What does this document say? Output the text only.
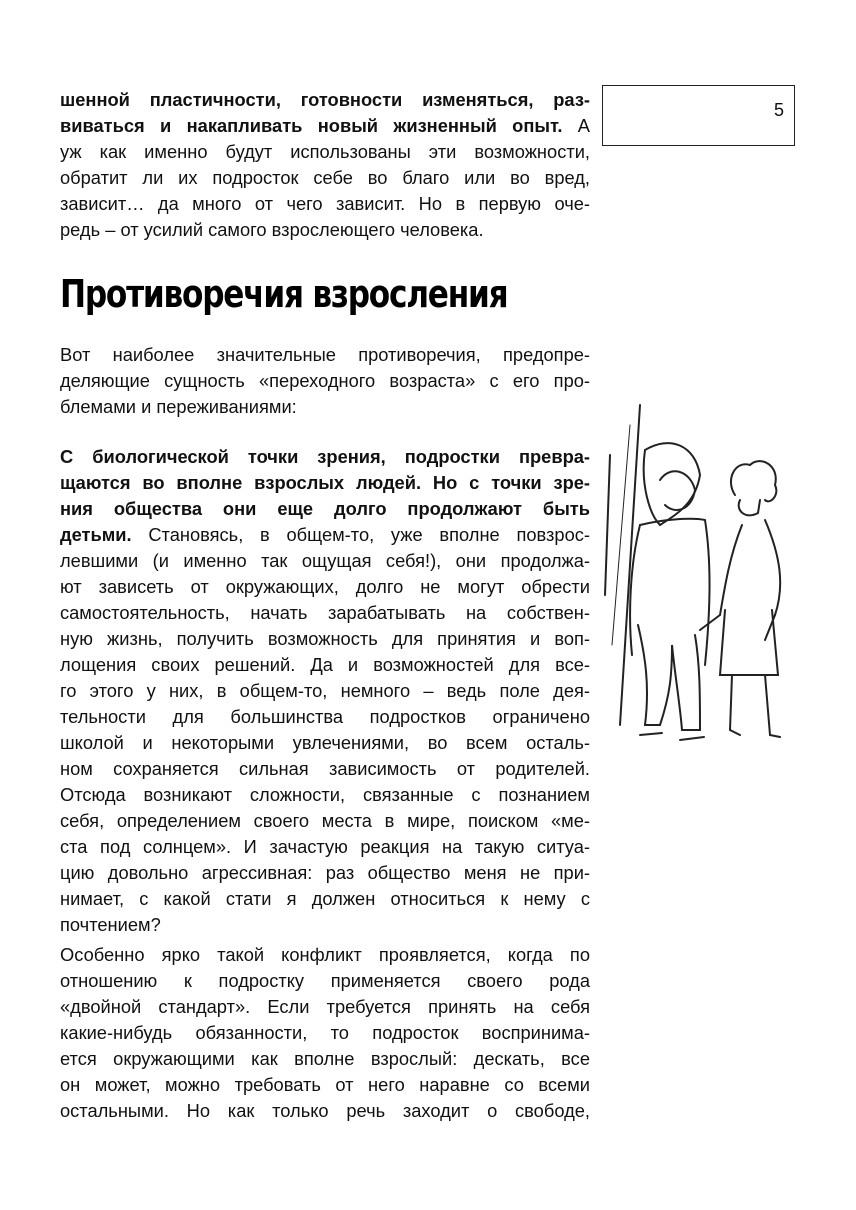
5
шенной пластичности, готовности изменяться, раз-
виваться и накапливать новый жизненный опыт. А
уж как именно будут использованы эти возможности,
обратит ли их подросток себе во благо или во вред,
зависит… да много от чего зависит. Но в первую оче-
редь – от усилий самого взрослеющего человека.
Противоречия взросления
Вот наиболее значительные противоречия, предопре-
деляющие сущность «переходного возраста» с его про-
блемами и переживаниями:
С биологической точки зрения, подростки превра-
щаются во вполне взрослых людей. Но с точки зре-
ния общества они еще долго продолжают быть
детьми. Становясь, в общем-то, уже вполне повзрос-
левшими (и именно так ощущая себя!), они продолжа-
ют зависеть от окружающих, долго не могут обрести
самостоятельность, начать зарабатывать на собствен-
ную жизнь, получить возможность для принятия и воп-
лощения своих решений. Да и возможностей для все-
го этого у них, в общем-то, немного – ведь поле дея-
тельности для большинства подростков ограничено
школой и некоторыми увлечениями, во всем осталь-
ном сохраняется сильная зависимость от родителей.
Отсюда возникают сложности, связанные с познанием
себя, определением своего места в мире, поиском «ме-
ста под солнцем». И зачастую реакция на такую ситуа-
цию довольно агрессивная: раз общество меня не при-
нимает, с какой стати я должен относиться к нему с
почтением?
Особенно ярко такой конфликт проявляется, когда по
отношению к подростку применяется своего рода
«двойной стандарт». Если требуется принять на себя
какие-нибудь обязанности, то подросток воспринима-
ется окружающими как вполне взрослый: дескать, все
он может, можно требовать от него наравне со всеми
остальными. Но как только речь заходит о свободе,
